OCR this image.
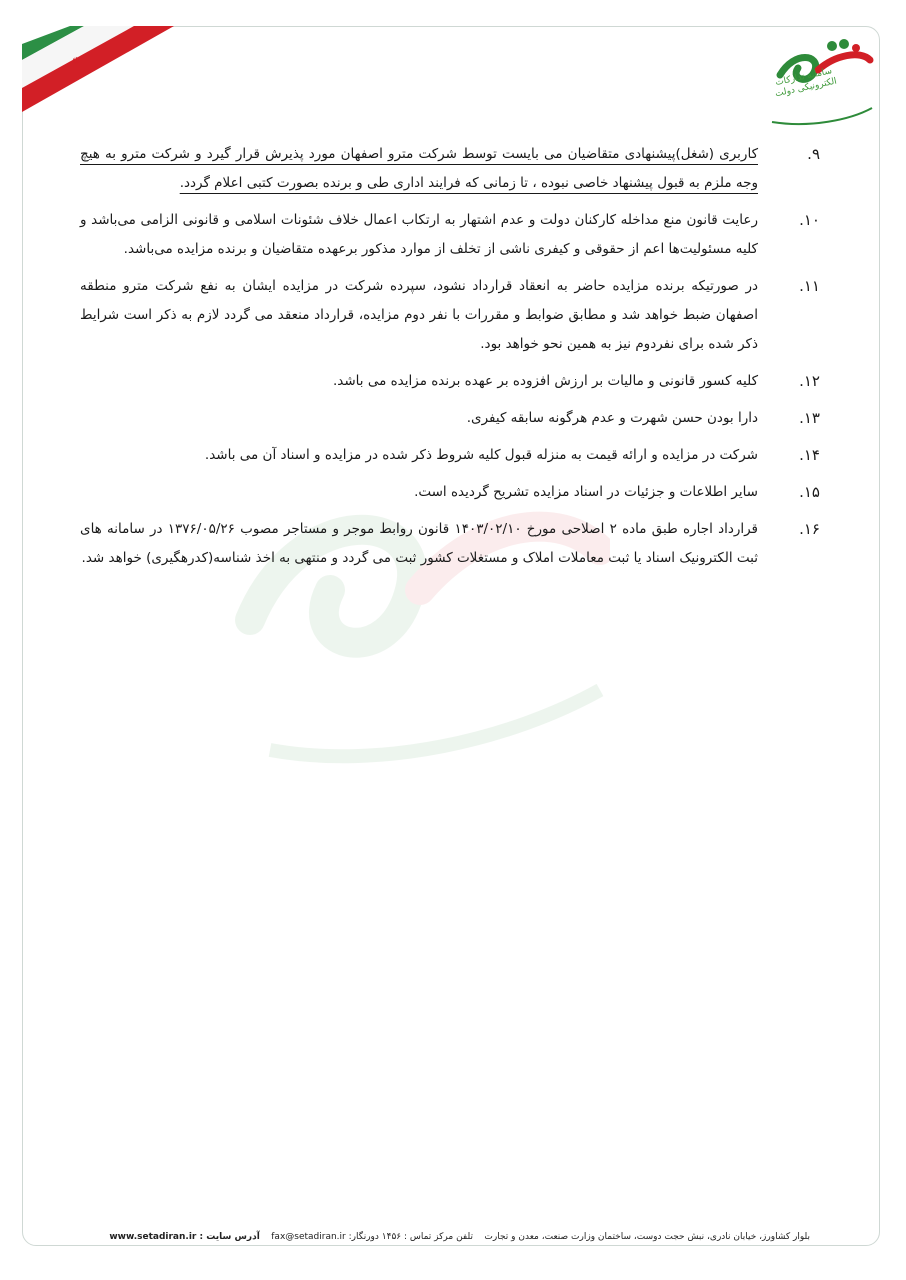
☫
سامانه تدارکات الکترونیکی دولت
۹.
کاربری (شغل)پیشنهادی متقاضیان می بایست توسط شرکت مترو اصفهان مورد پذیرش قرار گیرد و شرکت مترو به هیچ وجه ملزم به قبول پیشنهاد خاصی نبوده ، تا زمانی که فرایند اداری طی و برنده بصورت کتبی اعلام گردد.
۱۰.
رعایت قانون منع مداخله کارکنان دولت و عدم اشتهار به ارتکاب اعمال خلاف شئونات اسلامی و قانونی الزامی می‌باشد و کلیه مسئولیت‌ها اعم از حقوقی و کیفری ناشی از تخلف از موارد مذکور برعهده متقاضیان و برنده مزایده می‌باشد.
۱۱.
در صورتیکه برنده مزایده حاضر به انعقاد قرارداد نشود، سپرده شرکت در مزایده ایشان به نفع شرکت مترو منطقه اصفهان ضبط خواهد شد و مطابق ضوابط و مقررات با نفر دوم مزایده، قرارداد منعقد می گردد لازم به ذکر است شرایط ذکر شده برای نفردوم نیز به همین نحو خواهد بود.
۱۲.
کلیه کسور قانونی و مالیات بر ارزش افزوده بر عهده برنده مزایده می باشد.
۱۳.
دارا بودن حسن شهرت و عدم هرگونه سابقه کیفری.
۱۴.
شرکت در مزایده و ارائه قیمت به منزله قبول کلیه شروط ذکر شده در مزایده و اسناد آن می باشد.
۱۵.
سایر اطلاعات و جزئیات در اسناد مزایده تشریح گردیده است.
۱۶.
قرارداد اجاره طبق ماده ۲ اصلاحی مورخ ۱۴۰۳/۰۲/۱۰ قانون روابط موجر و مستاجر مصوب ۱۳۷۶/۰۵/۲۶ در سامانه های ثبت الکترونیک اسناد یا ثبت معاملات املاک و مستغلات کشور ثبت می گردد و منتهی به اخذ شناسه(کدرهگیری) خواهد شد.
بلوار کشاورز، خیابان نادری، نبش حجت دوست، ساختمان وزارت صنعت، معدن و تجارت    تلفن مرکز تماس : ۱۴۵۶ دورنگار: fax@setadiran.ir    آدرس سایت : www.setadiran.ir
